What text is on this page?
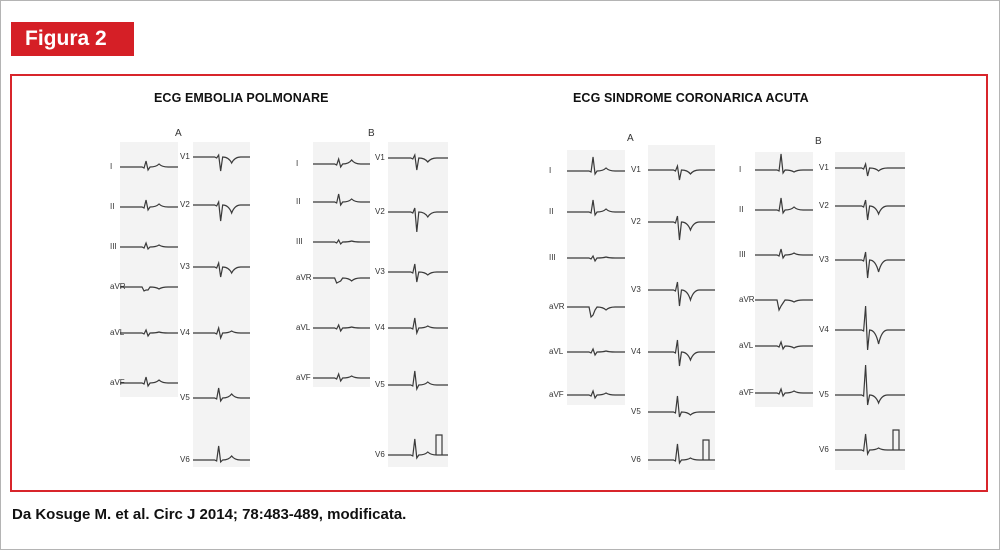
Figura 2
ECG EMBOLIA POLMONARE	ECG SINDROME CORONARICA ACUTA
A	B	A	B
I
II
III
aVR
aVL
aVF
V1
V2
V3
V4
V5
V6
I
II
III
aVR
aVL
aVF
V1
V2
V3
V4
V5
V6
I
II
III
aVR
aVL
aVF
V1
V2
V3
V4
V5
V6
I
II
III
aVR
aVL
aVF
V1
V2
V3
V4
V5
V6
Da Kosuge M. et al. Circ J 2014; 78:483-489, modificata.
